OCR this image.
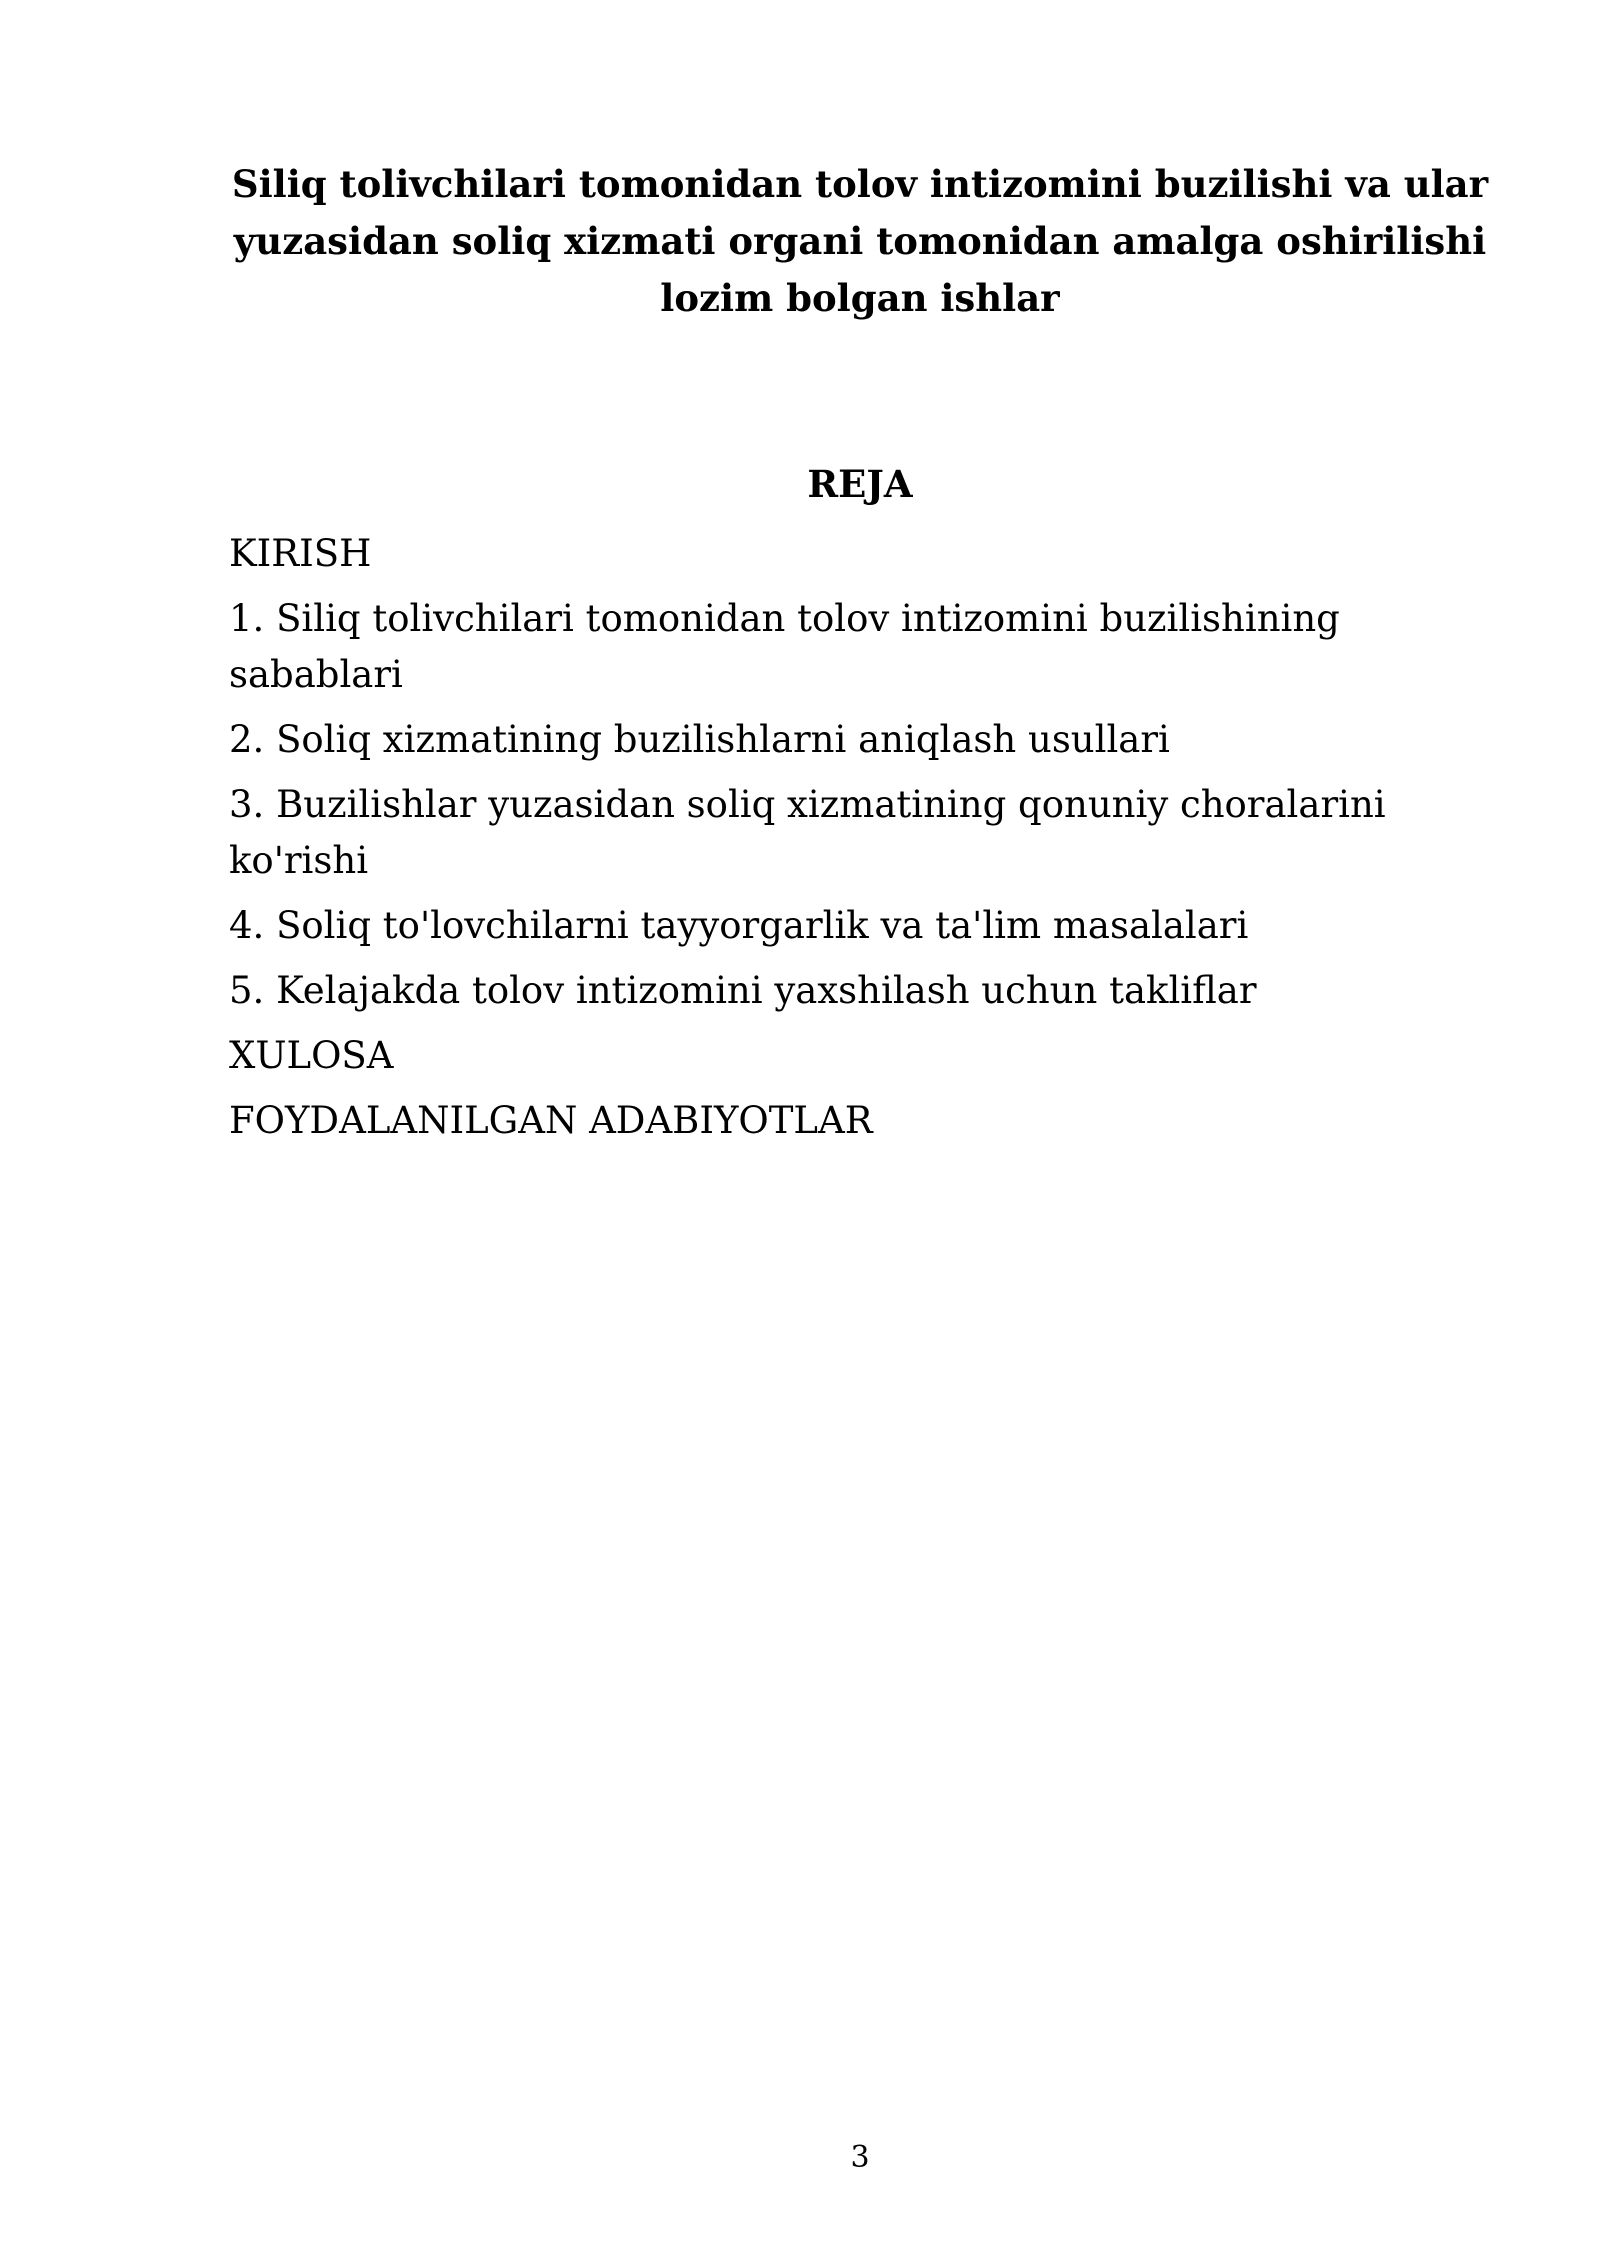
Siliq tolivchilari tomonidan tolov intizomini buzilishi va ular yuzasidan soliq xizmati organi tomonidan amalga oshirilishi lozim bolgan ishlar
REJA
KIRISH
1. Siliq tolivchilari tomonidan tolov intizomini buzilishining sabablari
2. Soliq xizmatining buzilishlarni aniqlash usullari
3. Buzilishlar yuzasidan soliq xizmatining qonuniy choralarini ko'rishi
4. Soliq to'lovchilarni tayyorgarlik va ta'lim masalalari
5. Kelajakda tolov intizomini yaxshilash uchun takliflar
XULOSA
FOYDALANILGAN ADABIYOTLAR
3
